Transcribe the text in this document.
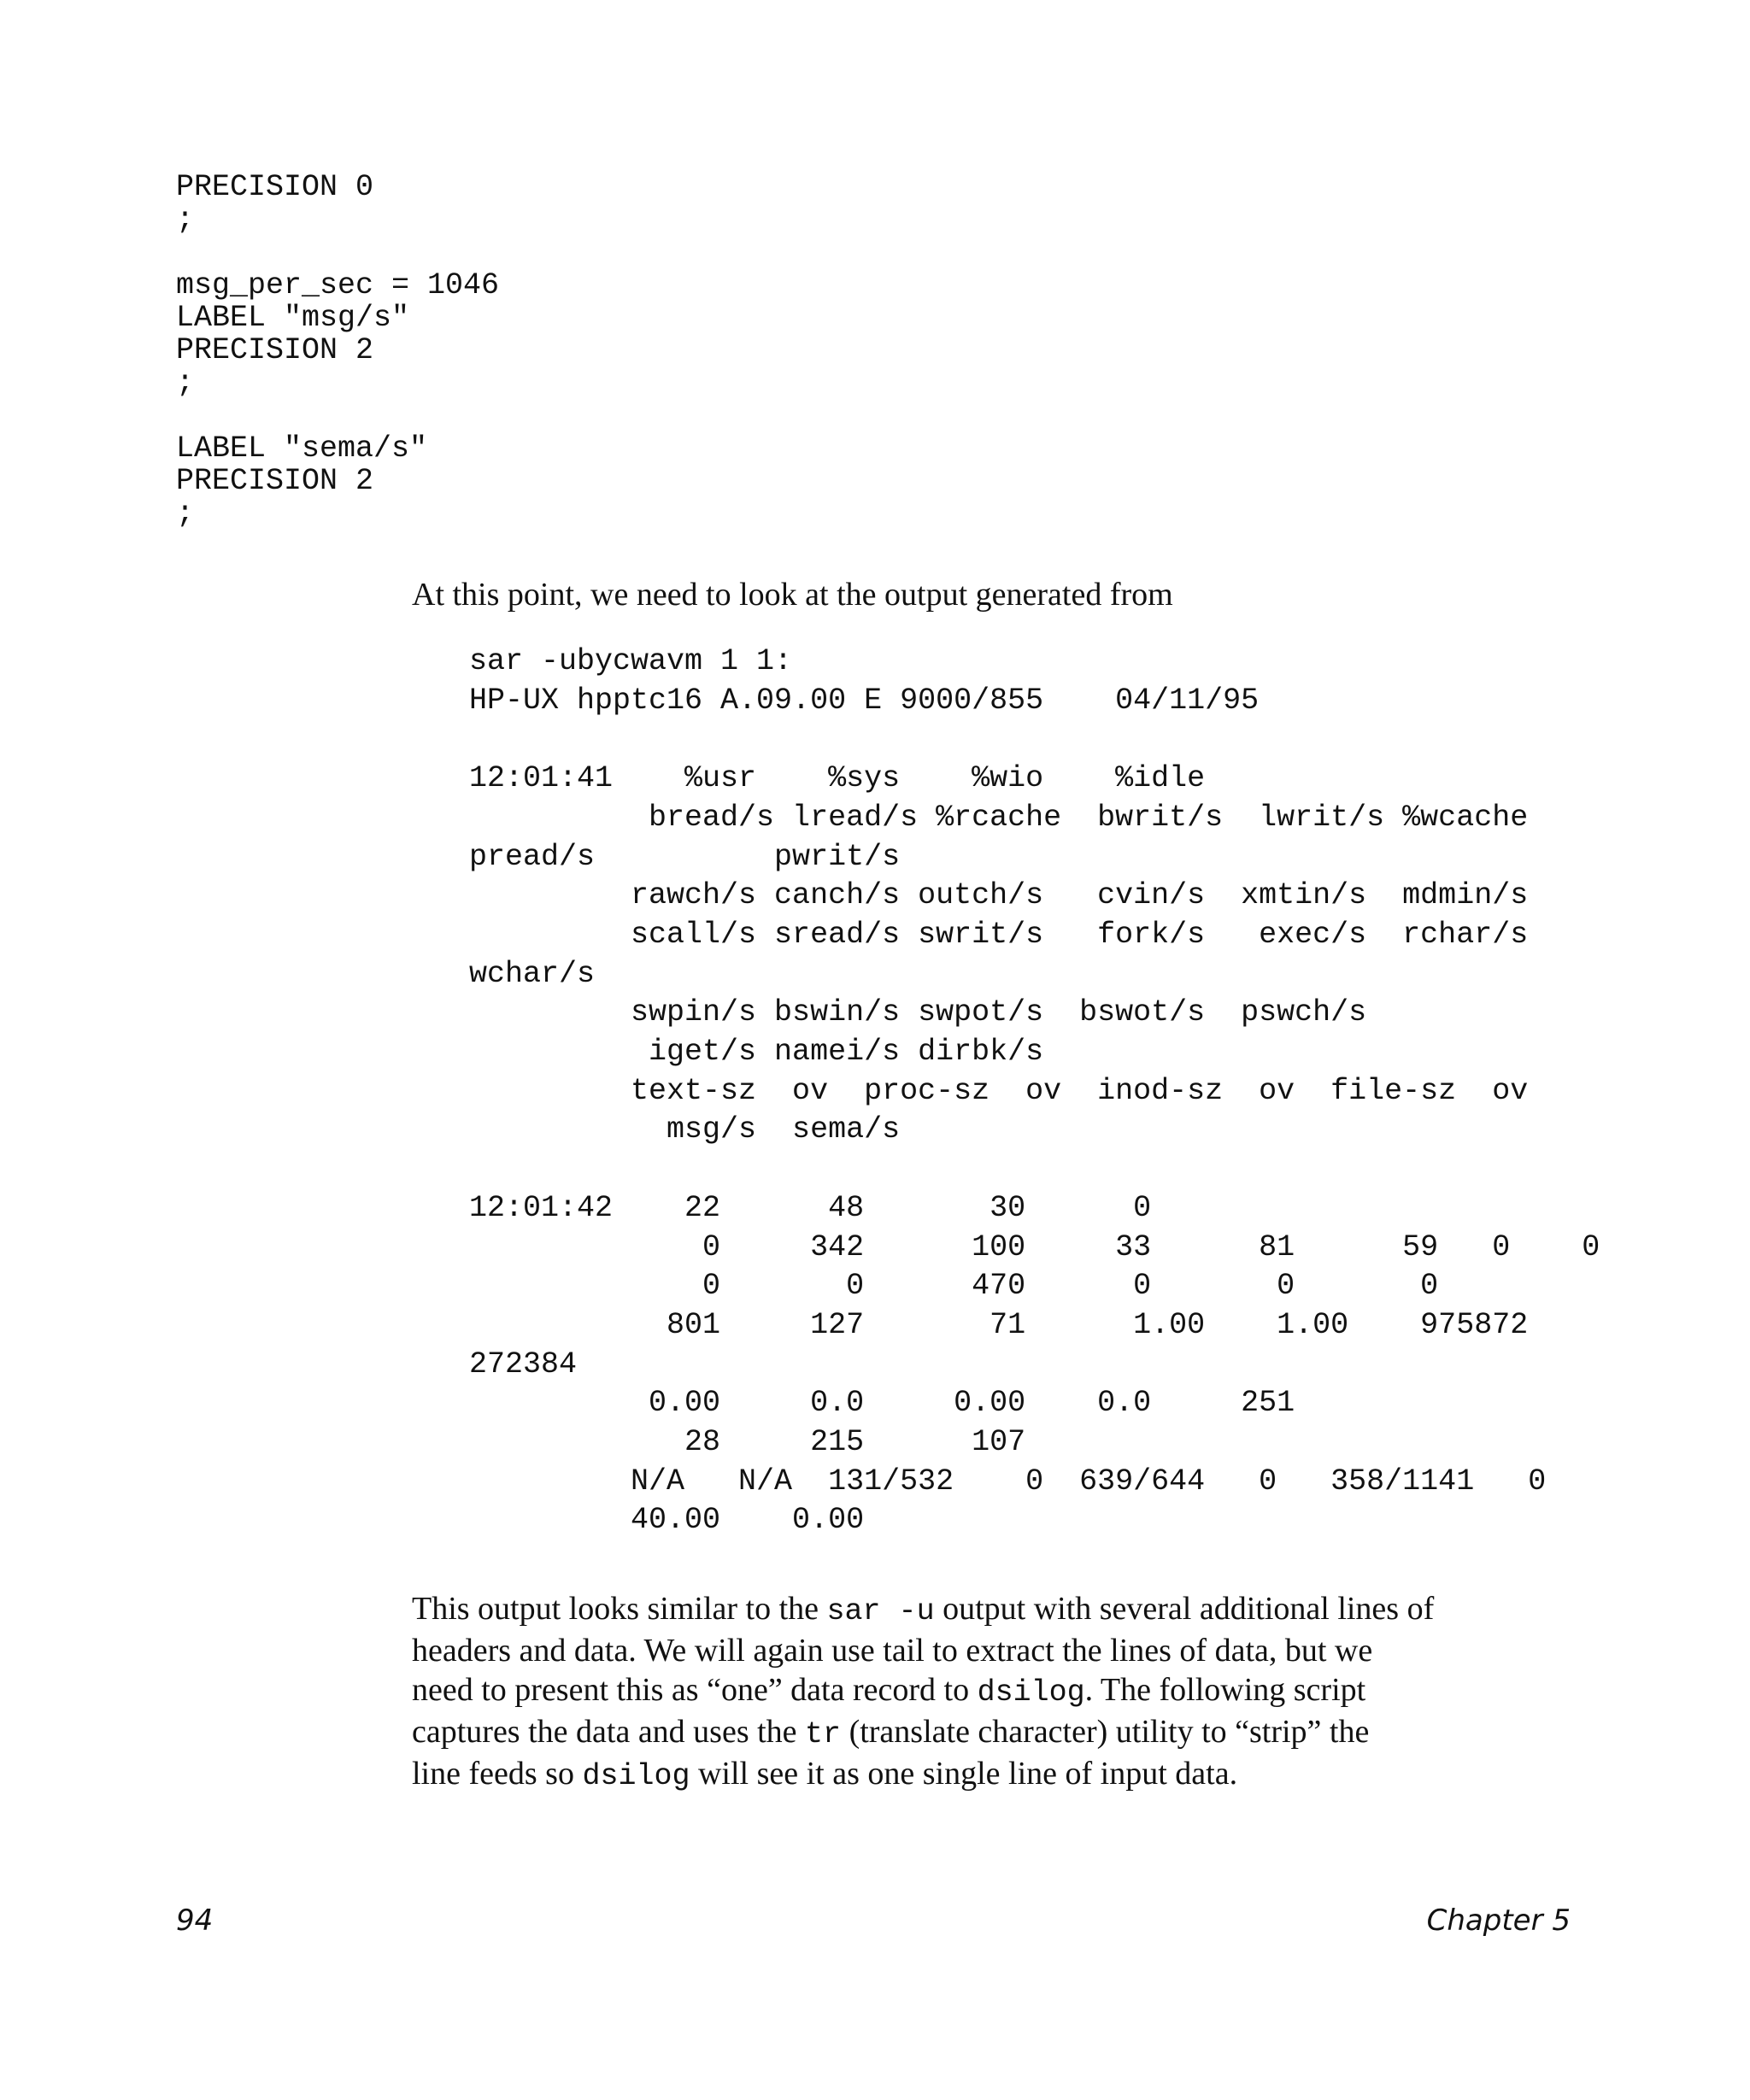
PRECISION 0
;

msg_per_sec = 1046
LABEL "msg/s"
PRECISION 2
;

LABEL "sema/s"
PRECISION 2
;

At this point, we need to look at the output generated from

sar -ubycwavm 1 1:
HP-UX hpptc16 A.09.00 E 9000/855    04/11/95

12:01:41    %usr    %sys    %wio    %idle
bread/s lread/s %rcache  bwrit/s  lwrit/s %wcache
pread/s          pwrit/s
rawch/s canch/s outch/s   cvin/s  xmtin/s  mdmin/s
scall/s sread/s swrit/s   fork/s   exec/s  rchar/s
wchar/s
swpin/s bswin/s swpot/s  bswot/s  pswch/s
iget/s namei/s dirbk/s
text-sz  ov  proc-sz  ov  inod-sz  ov  file-sz  ov
msg/s  sema/s

12:01:42    22      48       30      0
0     342      100     33      81      59   0    0
0       0      470      0       0       0
801     127       71      1.00    1.00    975872
272384
0.00     0.0     0.00    0.0     251
28     215      107
N/A   N/A  131/532    0  639/644   0   358/1141   0
40.00    0.00
This output looks similar to the sar -u output with several additional lines of
headers and data. We will again use tail to extract the lines of data, but we
need to present this as “one” data record to dsilog. The following script
captures the data and uses the tr (translate character) utility to “strip” the
line feeds so dsilog will see it as one single line of input data.
94	Chapter 5
